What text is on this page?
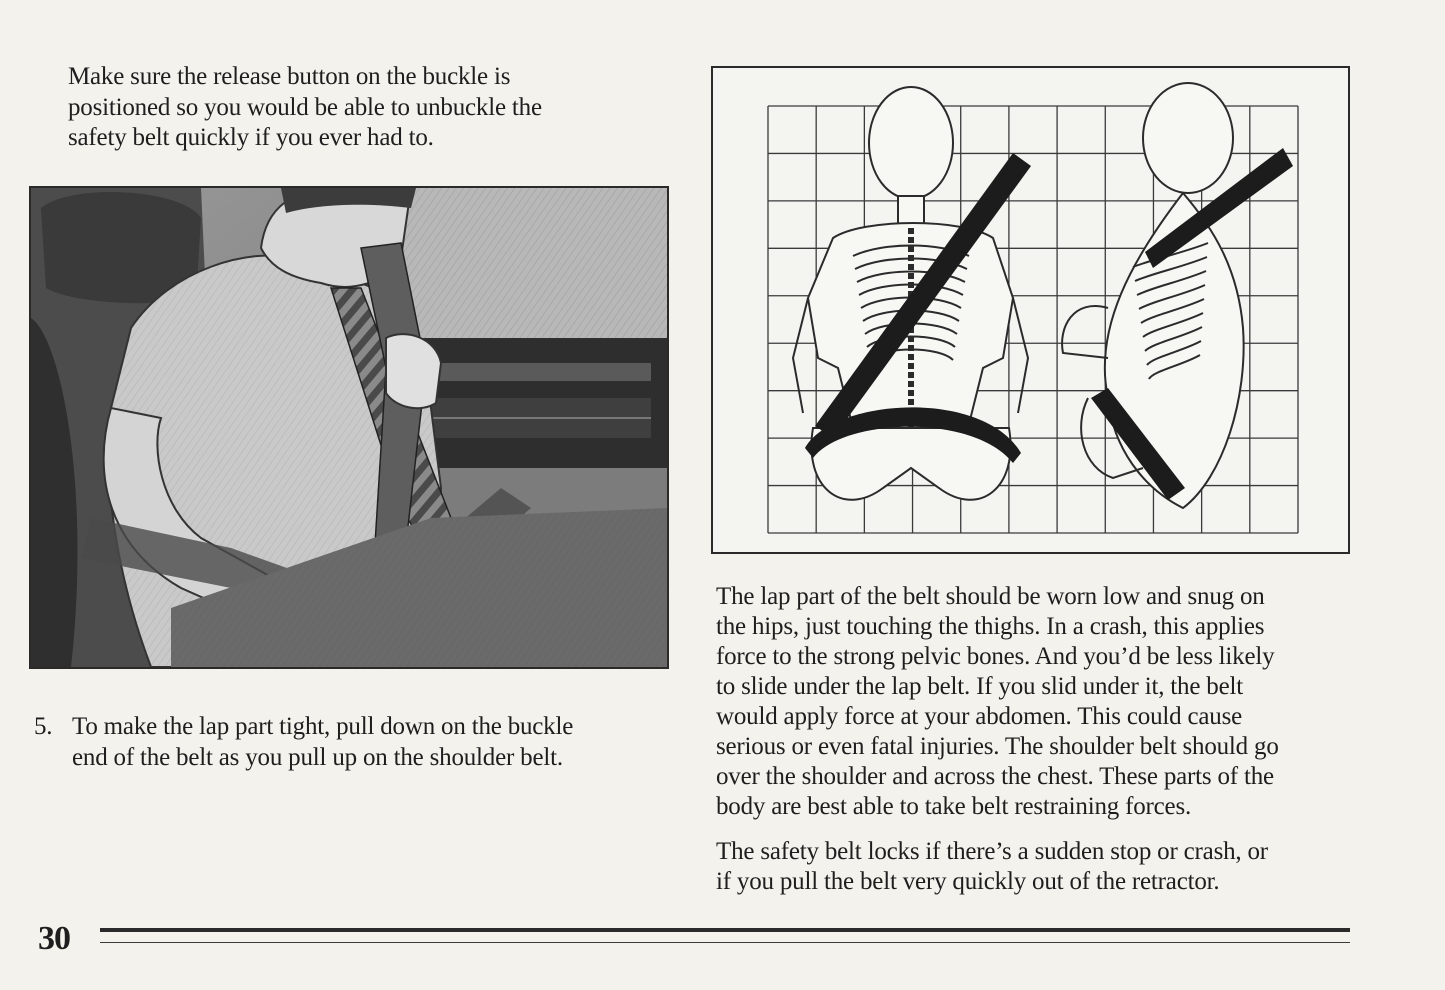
Make sure the release button on the buckle is
positioned so you would be able to unbuckle the
safety belt quickly if you ever had to.
5. To make the lap part tight, pull down on the buckle
end of the belt as you pull up on the shoulder belt.
The lap part of the belt should be worn low and snug on
the hips, just touching the thighs. In a crash, this applies
force to the strong pelvic bones. And you’d be less likely
to slide under the lap belt. If you slid under it, the belt
would apply force at your abdomen. This could cause
serious or even fatal injuries. The shoulder belt should go
over the shoulder and across the chest. These parts of the
body are best able to take belt restraining forces.
The safety belt locks if there’s a sudden stop or crash, or
if you pull the belt very quickly out of the retractor.
30
